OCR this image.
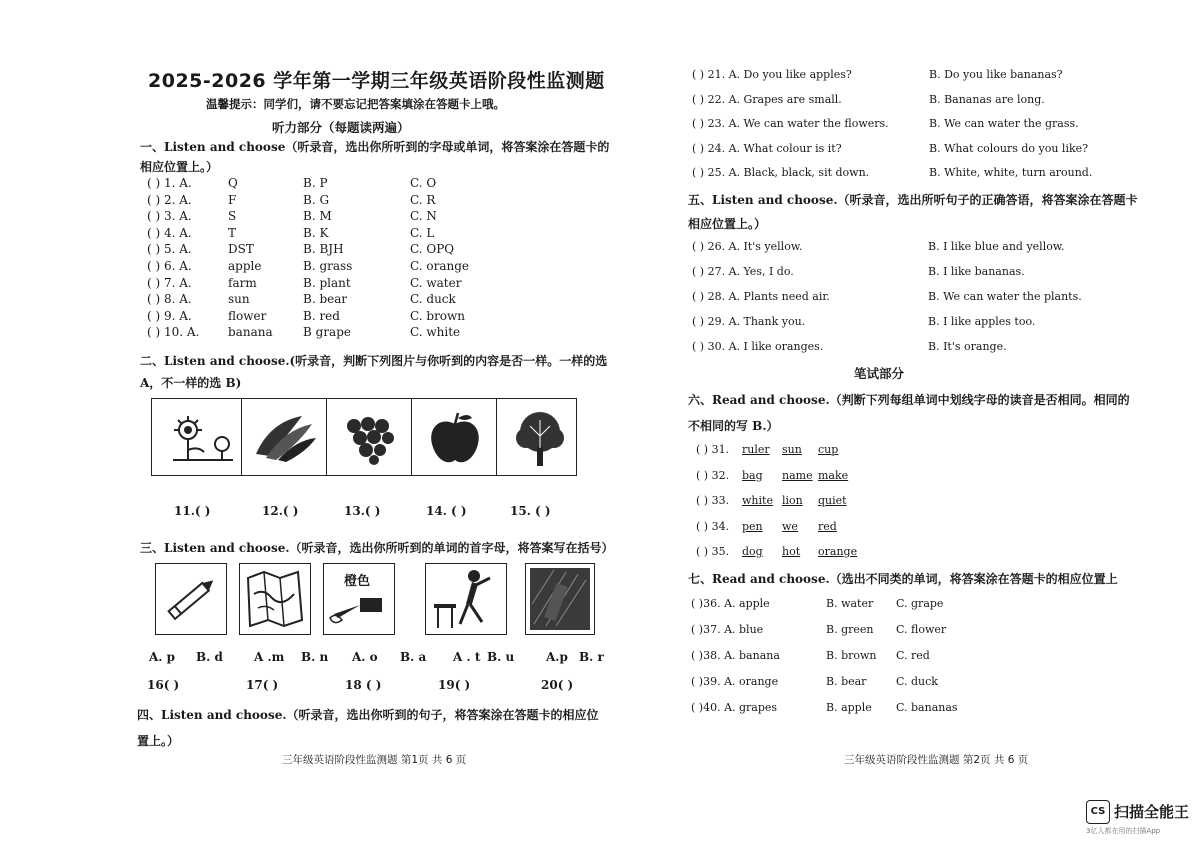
2025-2026 学年第一学期三年级英语阶段性监测题
温馨提示：同学们，请不要忘记把答案填涂在答题卡上哦。
听力部分（每题读两遍）
一、Listen and choose（听录音，选出你所听到的字母或单词，将答案涂在答题卡的
相应位置上。）
( ) 1. A.	Q	B. P	C. O
( ) 2. A.	F	B. G	C. R
( ) 3. A.	S	B. M	C. N
( ) 4. A.	T	B. K	C. L
( ) 5. A.	DST	B. BJH	C. OPQ
( ) 6. A.	apple	B. grass	C. orange
( ) 7. A.	farm	B. plant	C. water
( ) 8. A.	sun	B. bear	C. duck
( ) 9. A.	flower	B. red	C. brown
( ) 10. A. banana	B grape	C. white
二、Listen and choose.(听录音，判断下列图片与你听到的内容是否一样。一样的选
A，不一样的选 B)
11.( )	12.( )	13.( )	14. ( )	15. ( )
三、Listen and choose.（听录音，选出你所听到的单词的首字母，将答案写在括号）
橙色
A. p B. d	A .m B. n A. o B. a A . t B. u	A.p B. r
16( )	17( )	18 ( )	19( )	20( )
四、Listen and choose.（听录音，选出你听到的句子，将答案涂在答题卡的相应位
置上。）
三年级英语阶段性监测题 第1页 共 6 页
( ) 21. A. Do you like apples?	B. Do you like bananas?
( ) 22. A. Grapes are small.	B. Bananas are long.
( ) 23. A. We can water the flowers.	B. We can water the grass.
( ) 24. A. What colour is it?	B. What colours do you like?
( ) 25. A. Black, black, sit down.	B. White, white, turn around.
五、Listen and choose.（听录音，选出所听句子的正确答语，将答案涂在答题卡
相应位置上。）
( ) 26. A. It's yellow.	B. I like blue and yellow.
( ) 27. A. Yes, I do.	B. I like bananas.
( ) 28. A. Plants need air.	B. We can water the plants.
( ) 29. A. Thank you.	B. I like apples too.
( ) 30. A. I like oranges.	B. It's orange.
笔试部分
六、Read and choose.（判断下列每组单词中划线字母的读音是否相同。相同的
不相同的写 B.）
( ) 31. ruler sun cup
( ) 32. bag name make
( ) 33. white lion quiet
( ) 34. pen we red
( ) 35. dog hot orange
七、Read and choose.（选出不同类的单词，将答案涂在答题卡的相应位置上
( )36. A. apple	B. water C. grape
( )37. A. blue	B. green C. flower
( )38. A. banana	B. brown C. red
( )39. A. orange	B. bear	C. duck
( )40. A. grapes	B. apple C. bananas
三年级英语阶段性监测题 第2页 共 6 页
CS 扫描全能王
3亿人都在用的扫描App
